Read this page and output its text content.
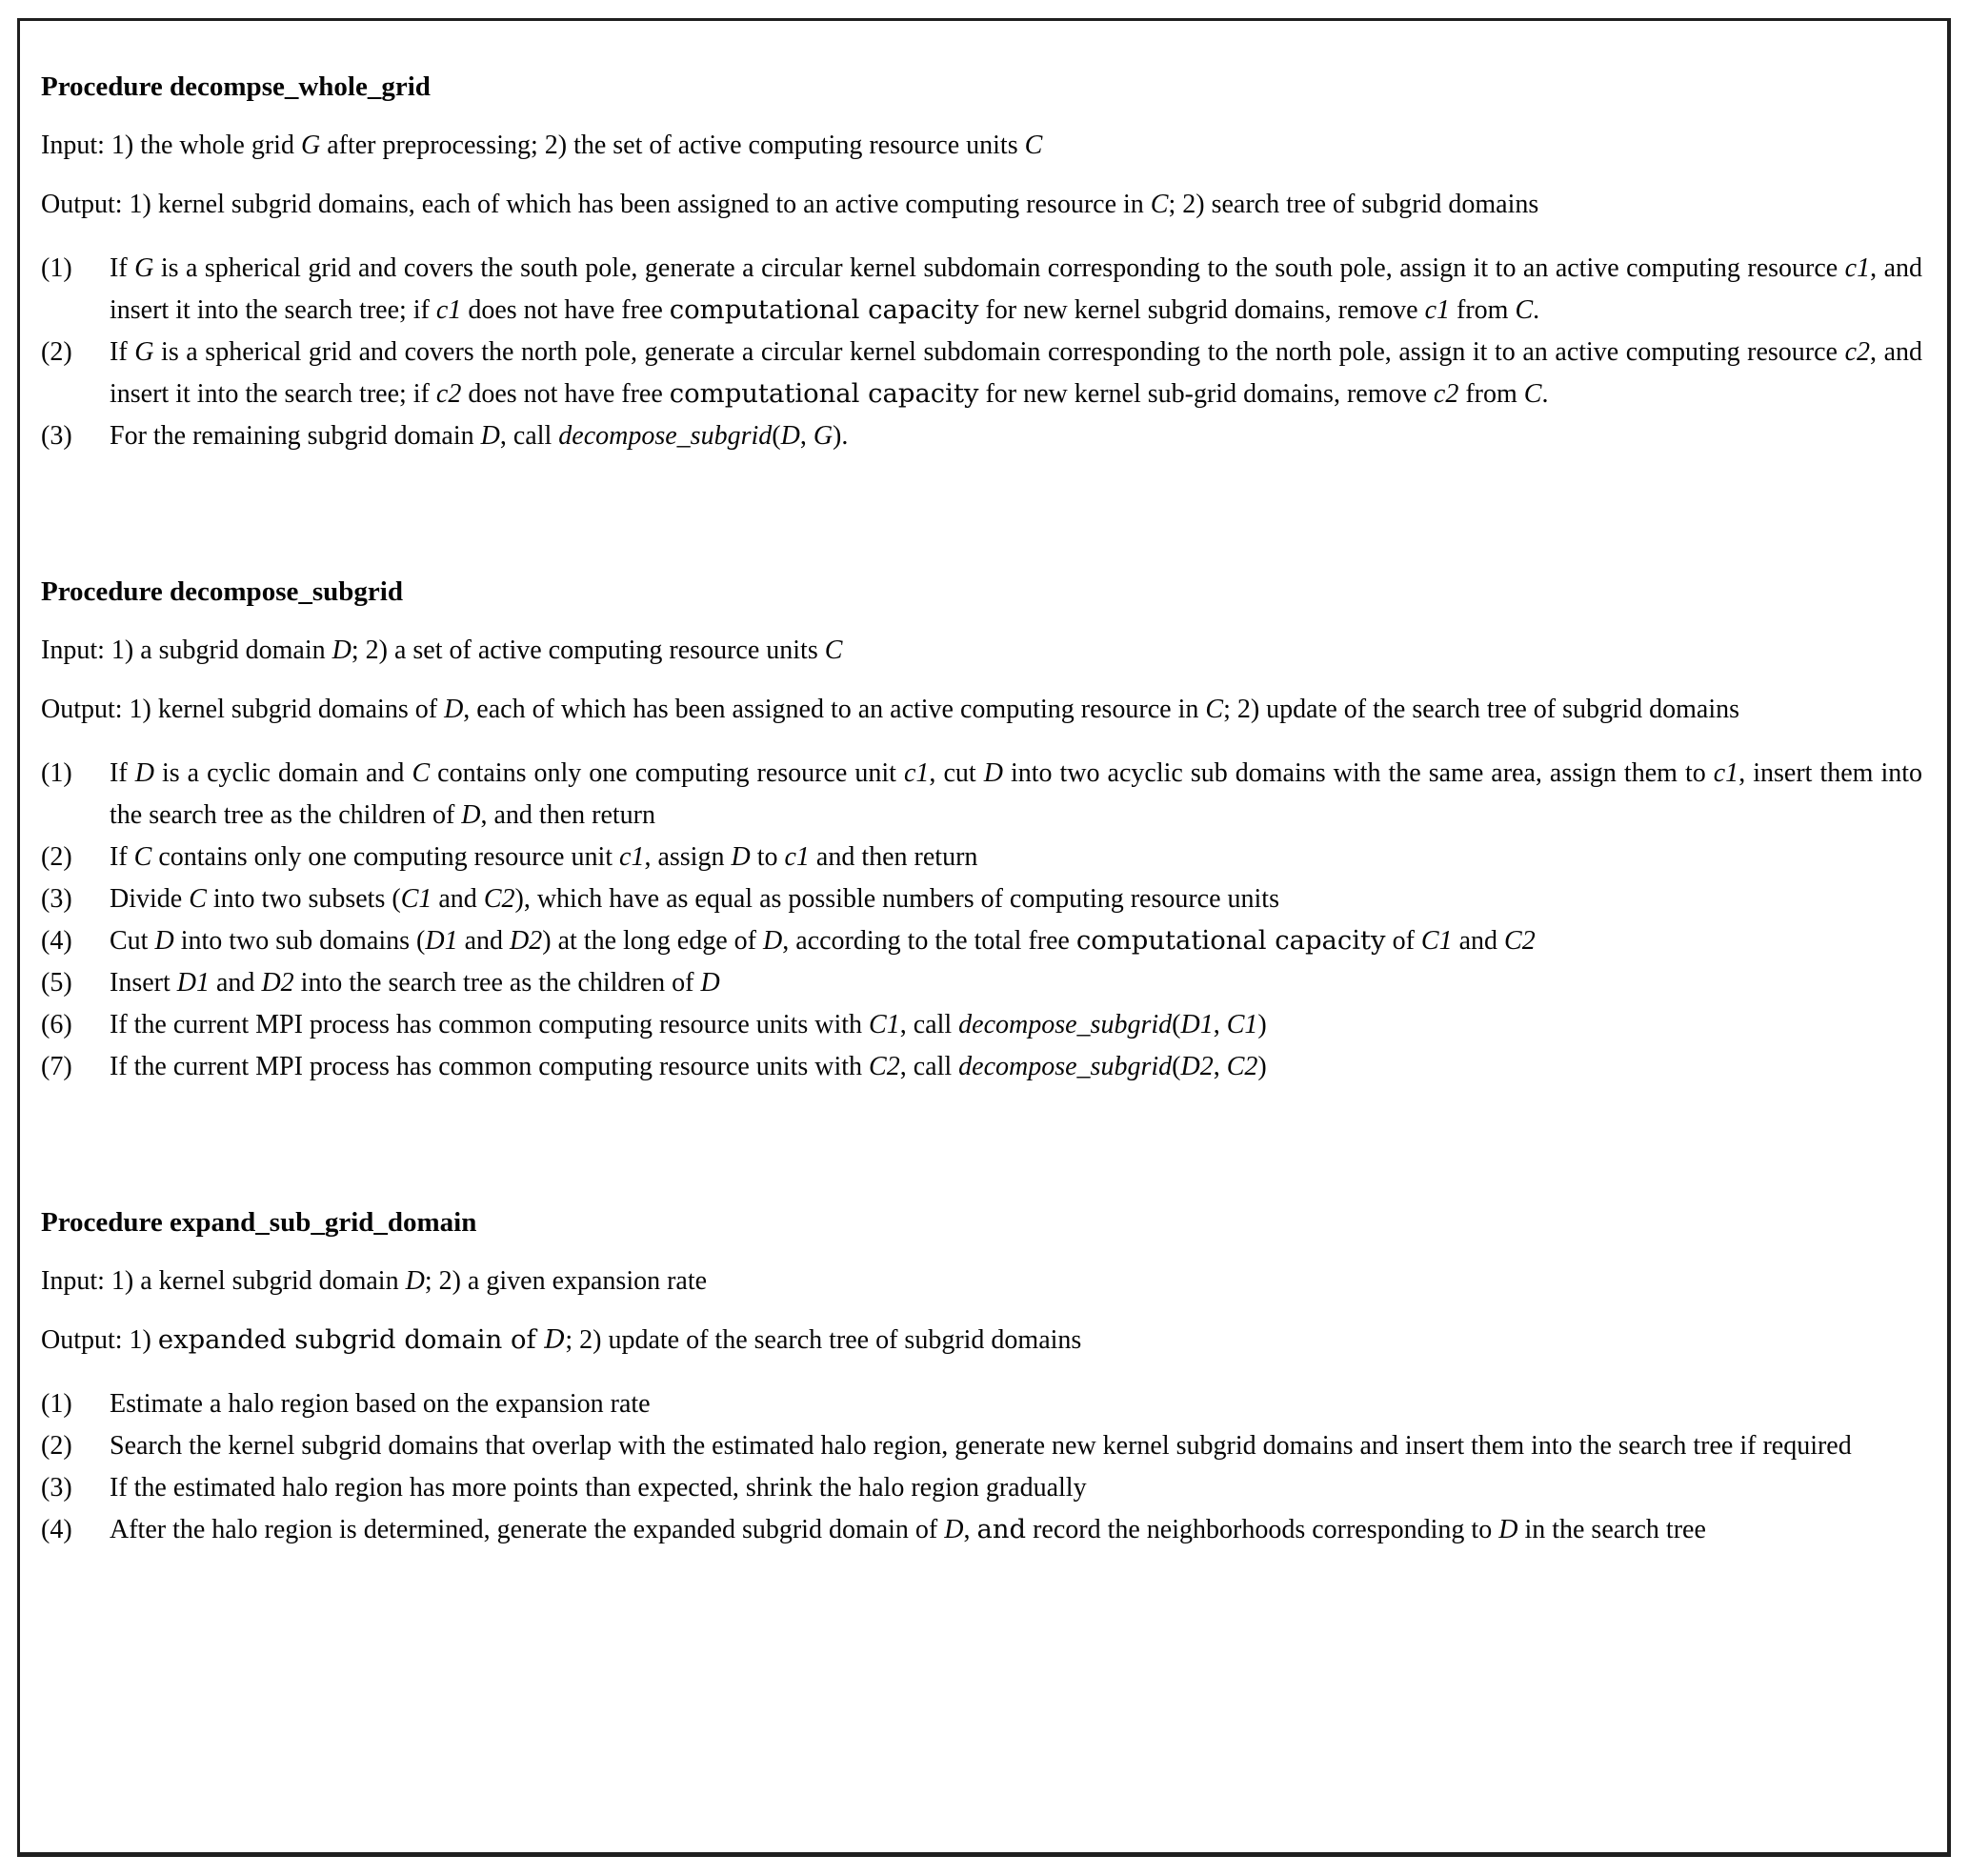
Procedure decompse_whole_grid

Input: 1) the whole grid G after preprocessing; 2) the set of active computing resource units C

Output: 1) kernel subgrid domains, each of which has been assigned to an active computing resource in C; 2) search tree of subgrid domains

(1)	If G is a spherical grid and covers the south pole, generate a circular kernel subdomain corresponding to the south pole, assign it to an active computing resource c1, and insert it into the search tree; if c1 does not have free computational capacity for new kernel subgrid domains, remove c1 from C.
(2)	If G is a spherical grid and covers the north pole, generate a circular kernel subdomain corresponding to the north pole, assign it to an active computing resource c2, and insert it into the search tree; if c2 does not have free computational capacity for new kernel sub-grid domains, remove c2 from C.
(3)	For the remaining subgrid domain D, call decompose_subgrid(D, G).

Procedure decompose_subgrid

Input: 1) a subgrid domain D; 2) a set of active computing resource units C

Output: 1) kernel subgrid domains of D, each of which has been assigned to an active computing resource in C; 2) update of the search tree of subgrid domains

(1)	If D is a cyclic domain and C contains only one computing resource unit c1, cut D into two acyclic sub domains with the same area, assign them to c1, insert them into the search tree as the children of D, and then return
(2)	If C contains only one computing resource unit c1, assign D to c1 and then return
(3)	Divide C into two subsets (C1 and C2), which have as equal as possible numbers of computing resource units
(4)	Cut D into two sub domains (D1 and D2) at the long edge of D, according to the total free computational capacity of C1 and C2
(5)	Insert D1 and D2 into the search tree as the children of D
(6)	If the current MPI process has common computing resource units with C1, call decompose_subgrid(D1, C1)
(7)	If the current MPI process has common computing resource units with C2, call decompose_subgrid(D2, C2)

Procedure expand_sub_grid_domain

Input: 1) a kernel subgrid domain D; 2) a given expansion rate

Output: 1) expanded subgrid domain of D; 2) update of the search tree of subgrid domains

(1)	Estimate a halo region based on the expansion rate
(2)	Search the kernel subgrid domains that overlap with the estimated halo region, generate new kernel subgrid domains and insert them into the search tree if required
(3)	If the estimated halo region has more points than expected, shrink the halo region gradually
(4)	After the halo region is determined, generate the expanded subgrid domain of D, and record the neighborhoods corresponding to D in the search tree
